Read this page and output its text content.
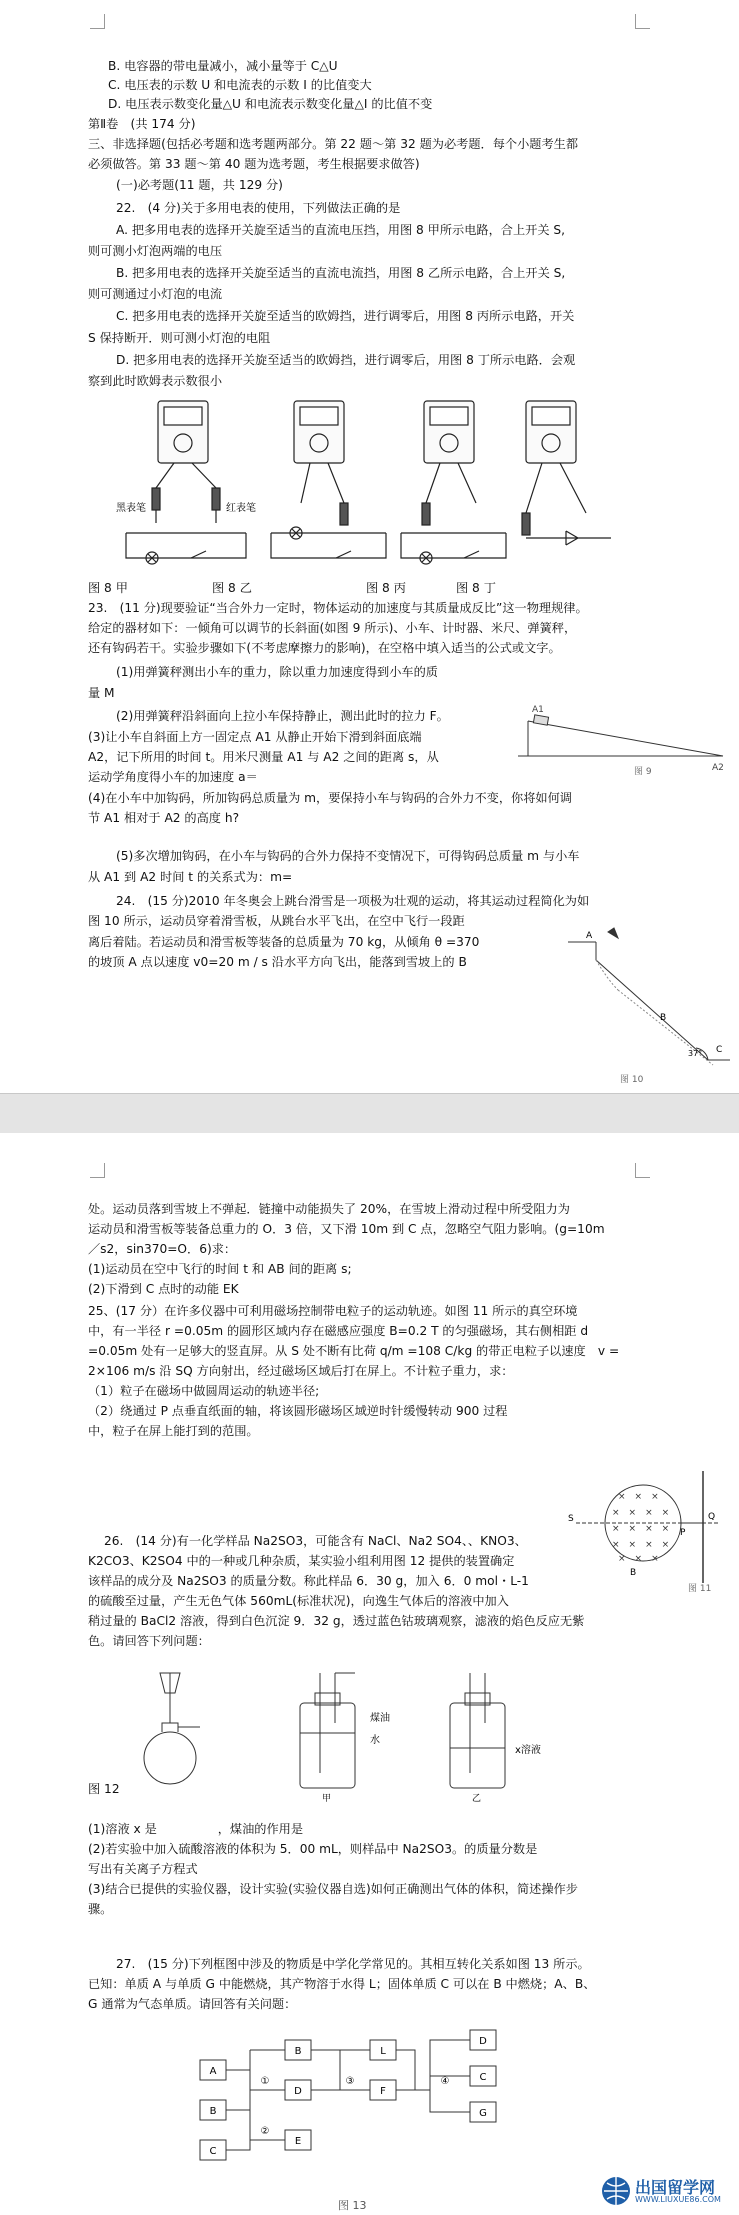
B. 电容器的带电量减小，减小量等于 C△U
C. 电压表的示数 U 和电流表的示数 I 的比值变大
D. 电压表示数变化量△U 和电流表示数变化量△I 的比值不变
第Ⅱ卷　(共 174 分)
三、非选择题(包括必考题和选考题两部分。第 22 题～第 32 题为必考题．每个小题考生都
必须做答。第 33 题～第 40 题为选考题，考生根据要求做答)
(一)必考题(11 题，共 129 分)
22.　(4 分)关于多用电表的使用，下列做法正确的是
A. 把多用电表的选择开关旋至适当的直流电压挡，用图 8 甲所示电路，合上开关 S,
则可测小灯泡两端的电压
B. 把多用电表的选择开关旋至适当的直流电流挡，用图 8 乙所示电路，合上开关 S,
则可测通过小灯泡的电流
C. 把多用电表的选择开关旋至适当的欧姆挡，进行调零后，用图 8 丙所示电路，开关
S 保持断开．则可测小灯泡的电阻
D. 把多用电表的选择开关旋至适当的欧姆挡，进行调零后，用图 8 丁所示电路．会观
察到此时欧姆表示数很小
黑表笔	红表笔
图 8 甲	图 8 乙	图 8 丙	图 8 丁
23.　(11 分)现要验证“当合外力一定时，物体运动的加速度与其质量成反比”这一物理规律。
给定的器材如下：一倾角可以调节的长斜面(如图 9 所示)、小车、计时器、米尺、弹簧秤，
还有钩码若干。实验步骤如下(不考虑摩擦力的影响)，在空格中填入适当的公式或文字。
(1)用弹簧秤测出小车的重力，除以重力加速度得到小车的质
量 M
(2)用弹簧秤沿斜面向上拉小车保持静止，测出此时的拉力 F。
(3)让小车自斜面上方一固定点 A1 从静止开始下滑到斜面底端
A2，记下所用的时间 t。用米尺测量 A1 与 A2 之间的距离 s，从
运动学角度得小车的加速度 a＝
(4)在小车中加钩码，所加钩码总质量为 m，要保持小车与钩码的合外力不变，你将如何调
节 A1 相对于 A2 的高度 h?
(5)多次增加钩码，在小车与钩码的合外力保持不变情况下，可得钩码总质量 m 与小车
从 A1 到 A2 时间 t 的关系式为：m=
A1
A2
图 9
24.　(15 分)2010 年冬奥会上跳台滑雪是一项极为壮观的运动，将其运动过程简化为如
图 10 所示，运动员穿着滑雪板，从跳台水平飞出，在空中飞行一段距
离后着陆。若运动员和滑雪板等装备的总质量为 70 kg，从倾角 θ =370
的坡顶 A 点以速度 v0=20 m / s 沿水平方向飞出，能落到雪坡上的 B
A
B
C
37°
图 10
处。运动员落到雪坡上不弹起．链撞中动能损失了 20%，在雪坡上滑动过程中所受阻力为
运动员和滑雪板等装备总重力的 O．3 倍，又下滑 10m 到 C 点，忽略空气阻力影响。(g=10m
／s2，sin370=O．6)求：
(1)运动员在空中飞行的时间 t 和 AB 间的距离 s;
(2)下滑到 C 点时的动能 EK
25、(17 分）在许多仪器中可利用磁场控制带电粒子的运动轨迹。如图 11 所示的真空环境
中，有一半径 r =0.05m 的圆形区域内存在磁感应强度 B=0.2 T 的匀强磁场，其右侧相距 d
=0.05m 处有一足够大的竖直屏。从 S 处不断有比荷 q/m =108 C/kg 的带正电粒子以速度　v =
2×106 m/s 沿 SQ 方向射出，经过磁场区域后打在屏上。不计粒子重力，求：
（1）粒子在磁场中做圆周运动的轨迹半径;
（2）绕通过 P 点垂直纸面的轴，将该圆形磁场区域逆时针缓慢转动 900 过程
中，粒子在屏上能打到的范围。
×　×　×
×　×　×　×
×　×　×　×
×　×　×　×
×　×　×
S
P
Q
B
图 11
26.　(14 分)有一化学样品 Na2SO3，可能含有 NaCl、Na2 SO4、、KNO3、
K2CO3、K2SO4 中的一种或几种杂质，某实验小组利用图 12 提供的装置确定
该样品的成分及 Na2SO3 的质量分数。称此样品 6．30 g，加入 6．0 mol・L-1
的硫酸至过量，产生无色气体 560mL(标准状况)，向逸生气体后的溶液中加入
稍过量的 BaCl2 溶液，得到白色沉淀 9．32 g，透过蓝色钴玻璃观察，滤液的焰色反应无紫
色。请回答下列问题：
煤油
水
x溶液
甲	乙
图 12
(1)溶液 x 是　　　　　，煤油的作用是
(2)若实验中加入硫酸溶液的体积为 5．00 mL，则样品中 Na2SO3。的质量分数是
写出有关离子方程式
(3)结合已提供的实验仪器，设计实验(实验仪器自选)如何正确测出气体的体积，简述操作步
骤。
27.　(15 分)下列框图中涉及的物质是中学化学常见的。其相互转化关系如图 13 所示。
已知：单质 A 与单质 G 中能燃烧，其产物溶于水得 L；固体单质 C 可以在 B 中燃烧；A、B、
G 通常为气态单质。请回答有关问题：
A
B
C
B
D
E
L
F
D
C
G
①
②
③	④
图 13
出国留学网
WWW.LIUXUE86.COM
